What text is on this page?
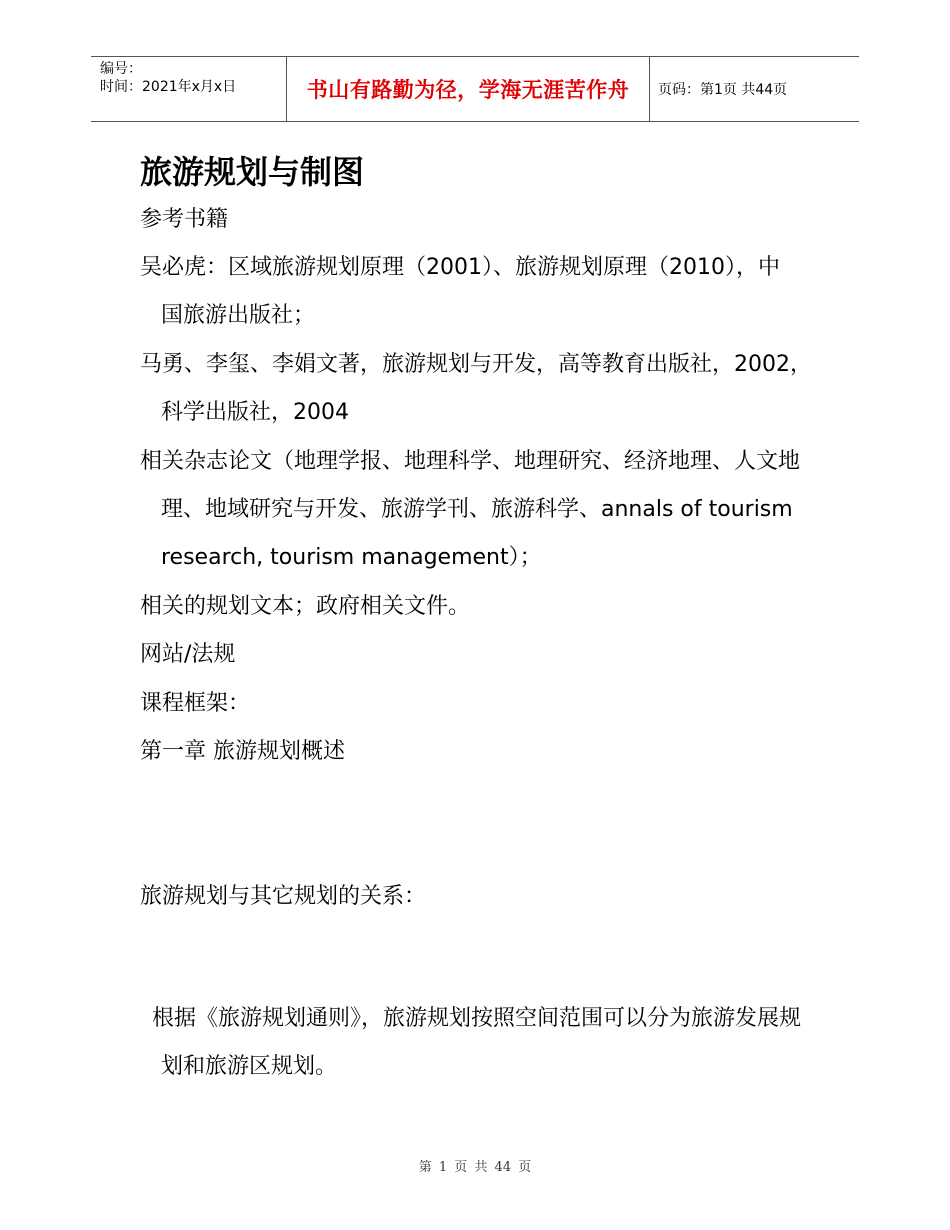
编号：
时间：2021年x月x日	书山有路勤为径，学海无涯苦作舟 页码：第1页 共44页
旅游规划与制图
参考书籍
吴必虎：区域旅游规划原理（2001）、旅游规划原理（2010），中
国旅游出版社；
马勇、李玺、李娟文著，旅游规划与开发，高等教育出版社，2002，
科学出版社，2004
相关杂志论文（地理学报、地理科学、地理研究、经济地理、人文地
理、地域研究与开发、旅游学刊、旅游科学、annals of tourism
research, tourism management）；
相关的规划文本；政府相关文件。
网站/法规
课程框架：
第一章 旅游规划概述
旅游规划与其它规划的关系：
根据《旅游规划通则》，旅游规划按照空间范围可以分为旅游发展规
划和旅游区规划。
第 1 页 共 44 页
